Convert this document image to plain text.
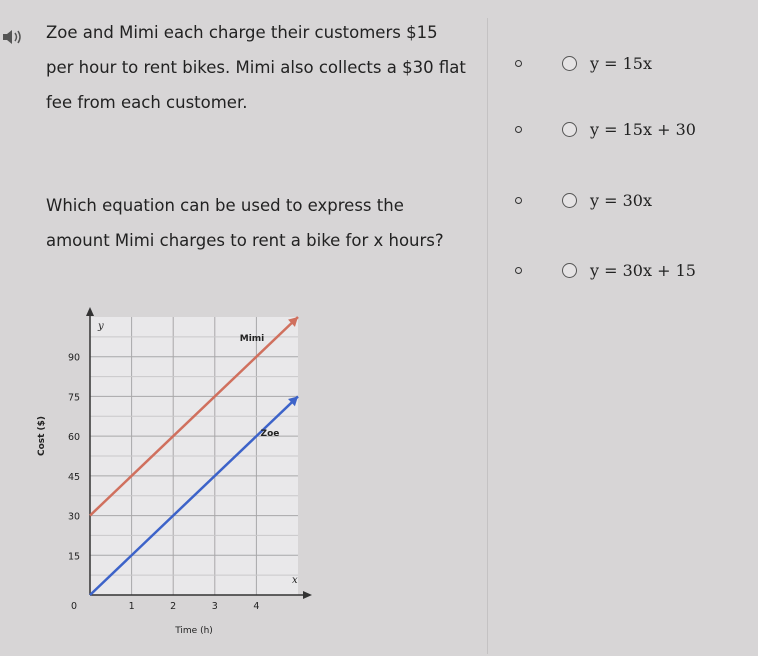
Zoe and Mimi each charge their customers $15 per hour to rent bikes. Mimi also collects a $30 flat fee from each customer.
Which equation can be used to express the amount Mimi charges to rent a bike for x hours?
y = 15x
y = 15x + 30
y = 30x
y = 30x + 15
0
15
30
45
60
75
90
1	2	3	4
Time (h)
Cost ($)
x
y
Mimi
Zoe
